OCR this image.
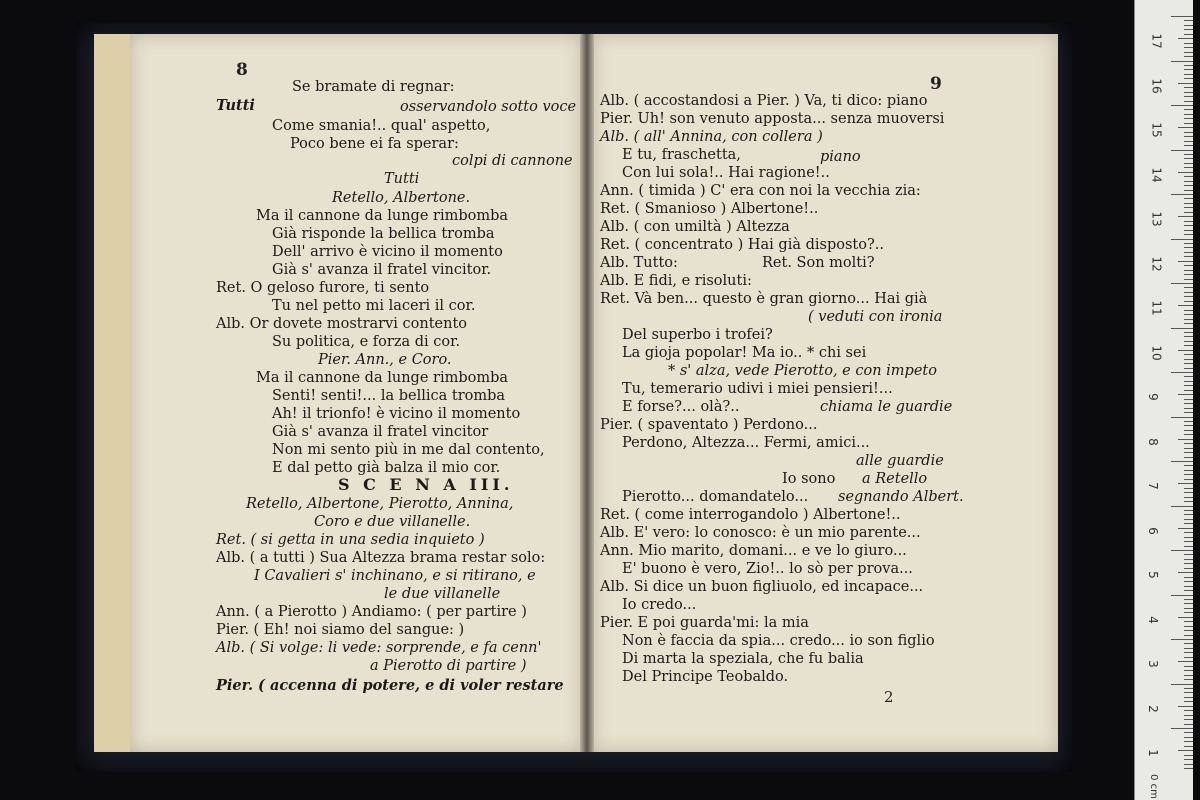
8
Se bramate di regnar:
Tutti	osservandolo sotto voce
Come smania!.. qual' aspetto,
Poco bene ei fa sperar:
colpi di cannone
Tutti
Retello, Albertone.
Ma il cannone da lunge rimbomba
Già risponde la bellica tromba
Dell' arrivo è vicino il momento
Già s' avanza il fratel vincitor.
Ret. O geloso furore, ti sento
Tu nel petto mi laceri il cor.
Alb. Or dovete mostrarvi contento
Su politica, e forza di cor.
Pier. Ann., e Coro.
Ma il cannone da lunge rimbomba
Senti! senti!... la bellica tromba
Ah! il trionfo! è vicino il momento
Già s' avanza il fratel vincitor
Non mi sento più in me dal contento,
E dal petto già balza il mio cor.
S C E N A III.
Retello, Albertone, Pierotto, Annina,
Coro e due villanelle.
Ret. ( si getta in una sedia inquieto )
Alb. ( a tutti ) Sua Altezza brama restar solo:
I Cavalieri s' inchinano, e si ritirano, e
le due villanelle
Ann. ( a Pierotto ) Andiamo: ( per partire )
Pier. ( Eh! noi siamo del sangue: )
Alb. ( Si volge: li vede: sorprende, e fa cenn'
a Pierotto di partire )
Pier. ( accenna di potere, e di voler restare
9
Alb. ( accostandosi a Pier. ) Va, ti dico: piano
Pier. Uh! son venuto apposta... senza muoversi
Alb. ( all' Annina, con collera )
E tu, fraschetta,	piano
Con lui sola!.. Hai ragione!..
Ann. ( timida ) C' era con noi la vecchia zia:
Ret. ( Smanioso ) Albertone!..
Alb. ( con umiltà ) Altezza
Ret. ( concentrato ) Hai già disposto?..
Alb. Tutto:	Ret. Son molti?
Alb. E fidi, e risoluti:
Ret. Và ben... questo è gran giorno... Hai già
( veduti con ironia
Del superbo i trofei?
La gioja popolar! Ma io.. * chi sei
* s' alza, vede Pierotto, e con impeto
Tu, temerario udivi i miei pensieri!...
E forse?... olà?..	chiama le guardie
Pier. ( spaventato ) Perdono...
Perdono, Altezza... Fermi, amici...
alle guardie
Io sono a Retello
Pierotto... domandatelo... segnando Albert.
Ret. ( come interrogandolo ) Albertone!..
Alb. E' vero: lo conosco: è un mio parente...
Ann. Mio marito, domani... e ve lo giuro...
E' buono è vero, Zio!.. lo sò per prova...
Alb. Si dice un buon figliuolo, ed incapace...
Io credo...
Pier. E poi guarda'mi: la mia
Non è faccia da spia... credo... io son figlio
Di marta la speziala, che fu balia
Del Principe Teobaldo.
2
0 cm
17
16
15
14
13
12
11
10
9
8
7
6
5
4
3
2
1
